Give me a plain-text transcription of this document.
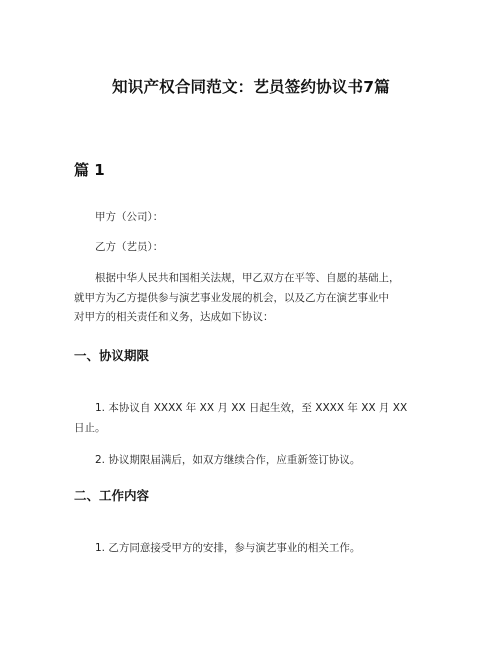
知识产权合同范文：艺员签约协议书7篇
篇 1
甲方（公司）：
乙方（艺员）：
根据中华人民共和国相关法规，甲乙双方在平等、自愿的基础上，
就甲方为乙方提供参与演艺事业发展的机会，以及乙方在演艺事业中
对甲方的相关责任和义务，达成如下协议：
一、协议期限
1. 本协议自 XXXX 年 XX 月 XX 日起生效，至 XXXX 年 XX 月 XX
日止。
2. 协议期限届满后，如双方继续合作，应重新签订协议。
二、工作内容
1. 乙方同意接受甲方的安排，参与演艺事业的相关工作。
